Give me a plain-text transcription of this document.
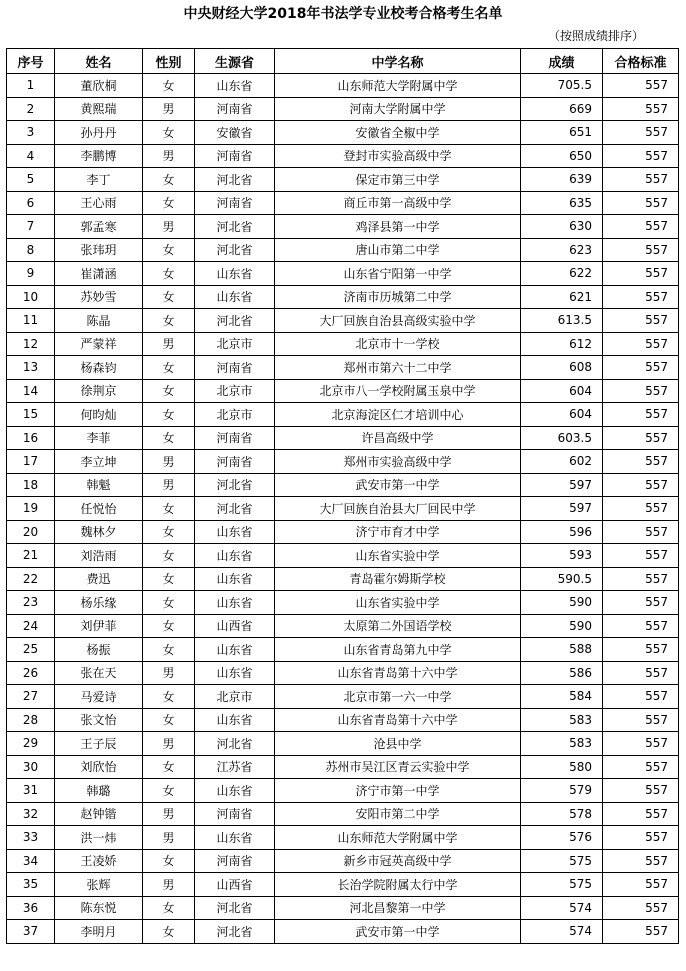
中央财经大学2018年书法学专业校考合格考生名单
（按照成绩排序）
序号	姓名	性别	生源省	中学名称	成绩	合格标准
1	董欣桐	女	山东省	山东师范大学附属中学	705.5	557
2	黄熙瑞	男	河南省	河南大学附属中学	669	557
3	孙丹丹	女	安徽省	安徽省全椒中学	651	557
4	李鹏博	男	河南省	登封市实验高级中学	650	557
5	李丁	女	河北省	保定市第三中学	639	557
6	王心雨	女	河南省	商丘市第一高级中学	635	557
7	郭孟寒	男	河北省	鸡泽县第一中学	630	557
8	张玮玥	女	河北省	唐山市第二中学	623	557
9	崔潇涵	女	山东省	山东省宁阳第一中学	622	557
10	苏妙雪	女	山东省	济南市历城第二中学	621	557
11	陈晶	女	河北省	大厂回族自治县高级实验中学	613.5	557
12	严蒙祥	男	北京市	北京市十一学校	612	557
13	杨森钧	女	河南省	郑州市第六十二中学	608	557
14	徐荆京	女	北京市	北京市八一学校附属玉泉中学	604	557
15	何昀灿	女	北京市	北京海淀区仁才培训中心	604	557
16	李菲	女	河南省	许昌高级中学	603.5	557
17	李立坤	男	河南省	郑州市实验高级中学	602	557
18	韩魁	男	河北省	武安市第一中学	597	557
19	任悦怡	女	河北省	大厂回族自治县大厂回民中学	597	557
20	魏林夕	女	山东省	济宁市育才中学	596	557
21	刘浩雨	女	山东省	山东省实验中学	593	557
22	费迅	女	山东省	青岛霍尔姆斯学校	590.5	557
23	杨乐缘	女	山东省	山东省实验中学	590	557
24	刘伊菲	女	山西省	太原第二外国语学校	590	557
25	杨振	女	山东省	山东省青岛第九中学	588	557
26	张在天	男	山东省	山东省青岛第十六中学	586	557
27	马爱诗	女	北京市	北京市第一六一中学	584	557
28	张文怡	女	山东省	山东省青岛第十六中学	583	557
29	王子辰	男	河北省	沧县中学	583	557
30	刘欣怡	女	江苏省	苏州市吴江区青云实验中学	580	557
31	韩璐	女	山东省	济宁市第一中学	579	557
32	赵钟锴	男	河南省	安阳市第二中学	578	557
33	洪一炜	男	山东省	山东师范大学附属中学	576	557
34	王凌娇	女	河南省	新乡市冠英高级中学	575	557
35	张辉	男	山西省	长治学院附属太行中学	575	557
36	陈东悦	女	河北省	河北昌黎第一中学	574	557
37	李明月	女	河北省	武安市第一中学	574	557
